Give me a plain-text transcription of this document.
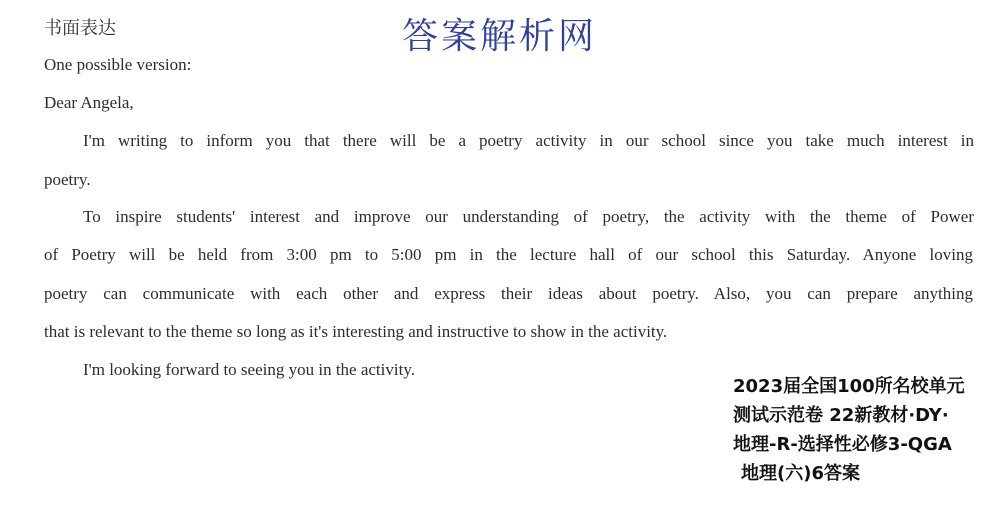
书面表达	答案解析网
One possible version:
Dear Angela,
I'm writing to inform you that there will be a poetry activity in our school since you take much interest in
poetry.
To inspire students' interest and improve our understanding of poetry, the activity with the theme of Power
of Poetry will be held from 3:00 pm to 5:00 pm in the lecture hall of our school this Saturday. Anyone loving
poetry can communicate with each other and express their ideas about poetry. Also, you can prepare anything
that is relevant to the theme so long as it's interesting and instructive to show in the activity.
I'm looking forward to seeing you in the activity.
2023届全国100所名校单元
测试示范卷 22新教材·DY·
地理-R-选择性必修3-QGA
地理(六)6答案
